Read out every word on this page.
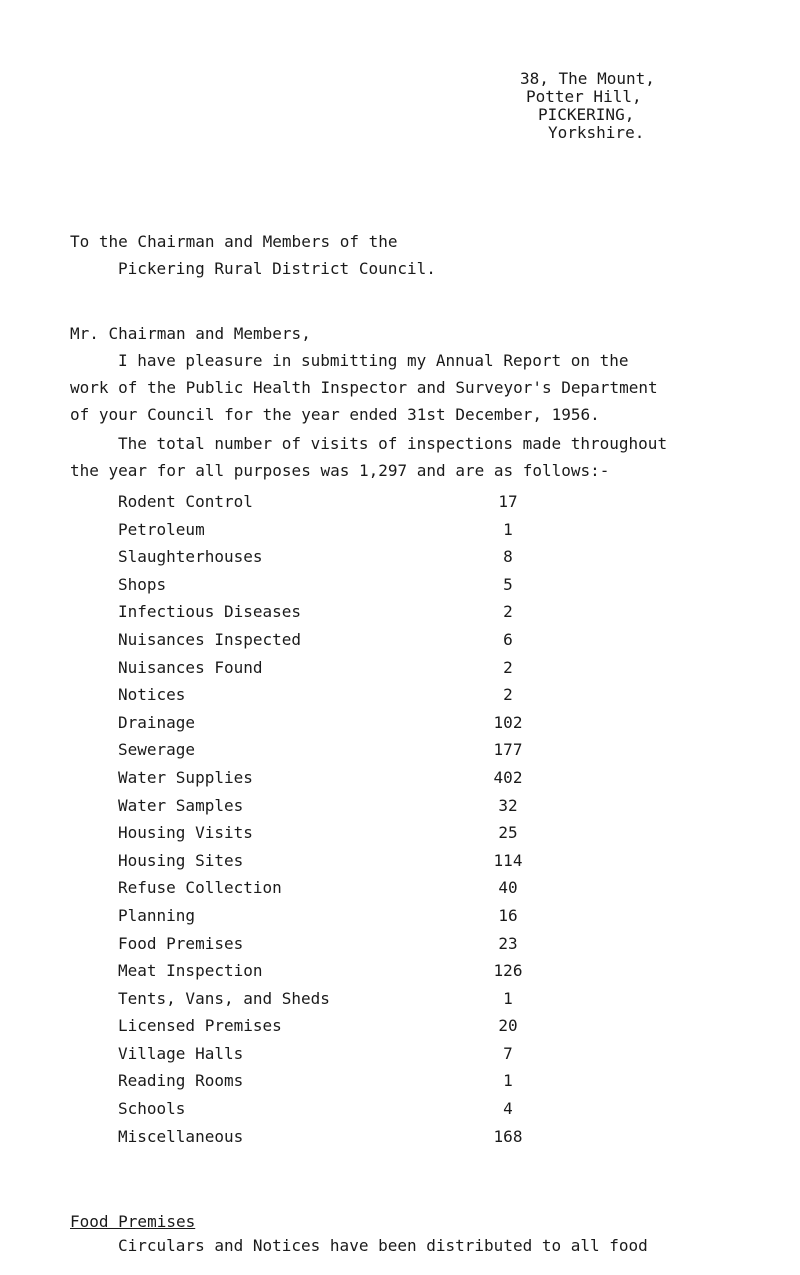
38, The Mount,
Potter Hill,
PICKERING,
Yorkshire.
To the Chairman and Members of the
Pickering Rural District Council.
Mr. Chairman and Members,
I have pleasure in submitting my Annual Report on the
work of the Public Health Inspector and Surveyor's Department
of your Council for the year ended 31st December, 1956.
The total number of visits of inspections made throughout
the year for all purposes was 1,297 and are as follows:-
Rodent Control	17
Petroleum	1
Slaughterhouses	8
Shops	5
Infectious Diseases	2
Nuisances Inspected	6
Nuisances Found	2
Notices	2
Drainage	102
Sewerage	177
Water Supplies	402
Water Samples	32
Housing Visits	25
Housing Sites	114
Refuse Collection	40
Planning	16
Food Premises	23
Meat Inspection	126
Tents, Vans, and Sheds	1
Licensed Premises	20
Village Halls	7
Reading Rooms	1
Schools	4
Miscellaneous	168
Food Premises
Circulars and Notices have been distributed to all food
